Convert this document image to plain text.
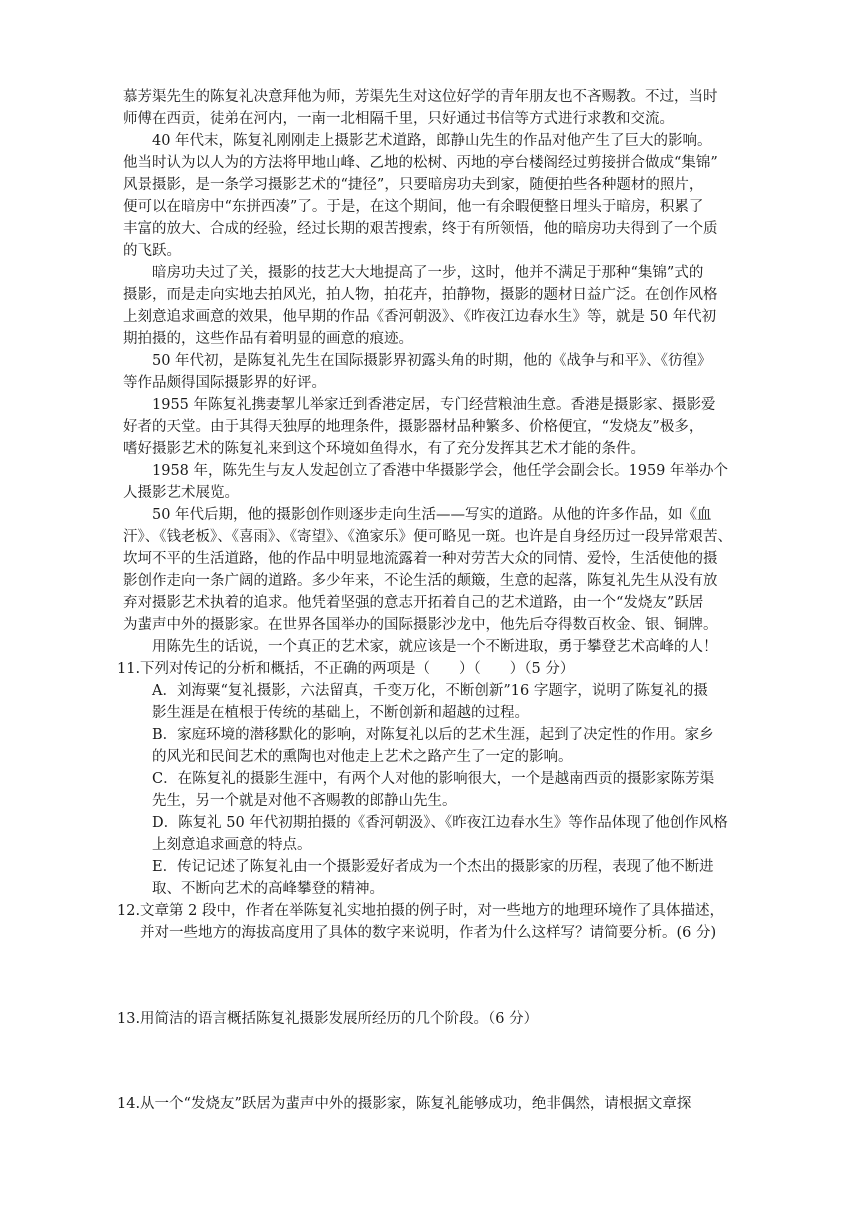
慕芳渠先生的陈复礼决意拜他为师，芳渠先生对这位好学的青年朋友也不吝赐教。不过，当时
师傅在西贡，徒弟在河内，一南一北相隔千里，只好通过书信等方式进行求教和交流。
40 年代末，陈复礼刚刚走上摄影艺术道路，郎静山先生的作品对他产生了巨大的影响。
他当时认为以人为的方法将甲地山峰、乙地的松树、丙地的亭台楼阁经过剪接拼合做成“集锦”
风景摄影，是一条学习摄影艺术的“捷径”，只要暗房功夫到家，随便拍些各种题材的照片，
便可以在暗房中“东拼西凑”了。于是，在这个期间，他一有余暇便整日埋头于暗房，积累了
丰富的放大、合成的经验，经过长期的艰苦搜索，终于有所领悟，他的暗房功夫得到了一个质
的飞跃。
暗房功夫过了关，摄影的技艺大大地提高了一步，这时，他并不满足于那种“集锦”式的
摄影，而是走向实地去拍风光，拍人物，拍花卉，拍静物，摄影的题材日益广泛。在创作风格
上刻意追求画意的效果，他早期的作品《香河朝汲》、《昨夜江边春水生》等，就是 50 年代初
期拍摄的，这些作品有着明显的画意的痕迹。
50 年代初，是陈复礼先生在国际摄影界初露头角的时期，他的《战争与和平》、《彷徨》
等作品颇得国际摄影界的好评。
1955 年陈复礼携妻挈儿举家迁到香港定居，专门经营粮油生意。香港是摄影家、摄影爱
好者的天堂。由于其得天独厚的地理条件，摄影器材品种繁多、价格便宜，“发烧友”极多，
嗜好摄影艺术的陈复礼来到这个环境如鱼得水，有了充分发挥其艺术才能的条件。
1958 年，陈先生与友人发起创立了香港中华摄影学会，他任学会副会长。1959 年举办个
人摄影艺术展览。
50 年代后期，他的摄影创作则逐步走向生活——写实的道路。从他的许多作品，如《血
汗》、《钱老板》、《喜雨》、《寄望》、《渔家乐》便可略见一斑。也许是自身经历过一段异常艰苦、
坎坷不平的生活道路，他的作品中明显地流露着一种对劳苦大众的同情、爱怜，生活使他的摄
影创作走向一条广阔的道路。多少年来，不论生活的颠簸，生意的起落，陈复礼先生从没有放
弃对摄影艺术执着的追求。他凭着坚强的意志开拓着自己的艺术道路，由一个“发烧友”跃居
为蜚声中外的摄影家。在世界各国举办的国际摄影沙龙中，他先后夺得数百枚金、银、铜牌。
用陈先生的话说，一个真正的艺术家，就应该是一个不断进取，勇于攀登艺术高峰的人！
11.下列对传记的分析和概括，不正确的两项是（　　）（　　）（5 分）
A．刘海粟“复礼摄影，六法留真，千变万化，不断创新”16 字题字，说明了陈复礼的摄
影生涯是在植根于传统的基础上，不断创新和超越的过程。
B．家庭环境的潜移默化的影响，对陈复礼以后的艺术生涯，起到了决定性的作用。家乡
的风光和民间艺术的熏陶也对他走上艺术之路产生了一定的影响。
C．在陈复礼的摄影生涯中，有两个人对他的影响很大，一个是越南西贡的摄影家陈芳渠
先生，另一个就是对他不吝赐教的郎静山先生。
D．陈复礼 50 年代初期拍摄的《香河朝汲》、《昨夜江边春水生》等作品体现了他创作风格
上刻意追求画意的特点。
E．传记记述了陈复礼由一个摄影爱好者成为一个杰出的摄影家的历程，表现了他不断进
取、不断向艺术的高峰攀登的精神。
12.文章第 2 段中，作者在举陈复礼实地拍摄的例子时，对一些地方的地理环境作了具体描述，
并对一些地方的海拔高度用了具体的数字来说明，作者为什么这样写？请简要分析。(6 分)
13.用简洁的语言概括陈复礼摄影发展所经历的几个阶段。（6 分）
14.从一个“发烧友”跃居为蜚声中外的摄影家，陈复礼能够成功，绝非偶然，请根据文章探
